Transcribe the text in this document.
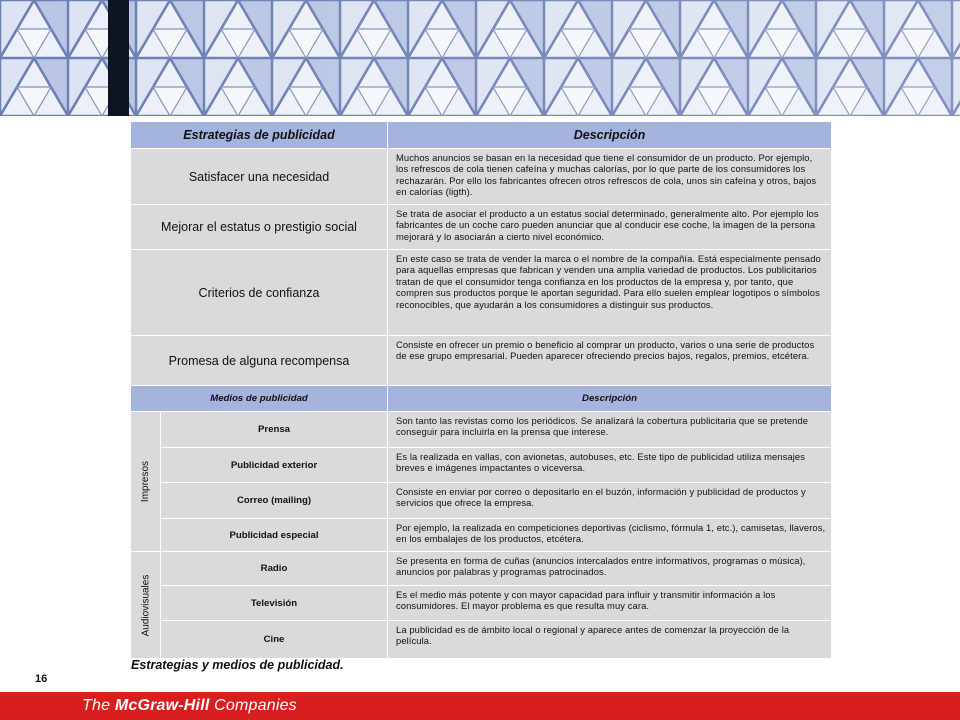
Estrategias de publicidad	Descripción
Satisfacer una necesidad
Muchos anuncios se basan en la necesidad que tiene el consumidor de un producto. Por ejemplo, los refrescos de cola tienen cafeína y muchas calorías, por lo que parte de los consumidores los rechazarán. Por ello los fabricantes ofrecen otros refrescos de cola, unos sin cafeína y otros, bajos en calorías (ligth).
Mejorar el estatus o prestigio social
Se trata de asociar el producto a un estatus social determinado, generalmente alto. Por ejemplo los fabricantes de un coche caro pueden anunciar que al conducir ese coche, la imagen de la persona mejorará y lo asociarán a cierto nivel económico.
Criterios de confianza
En este caso se trata de vender la marca o el nombre de la compañía. Está especialmente pensado para aquellas empresas que fabrican y venden una amplia variedad de productos. Los publicitarios tratan de que el consumidor tenga confianza en los productos de la empresa y, por tanto, que compren sus productos porque le aportan seguridad. Para ello suelen emplear logotipos o símbolos reconocibles, que ayudarán a los consumidores a distinguir sus productos.
Promesa de alguna recompensa
Consiste en ofrecer un premio o beneficio al comprar un producto, varios o una serie de productos de ese grupo empresarial. Pueden aparecer ofreciendo precios bajos, regalos, premios, etcétera.
Medios de publicidad	Descripción
Impresos
Audiovisuales
Prensa
Son tanto las revistas como los periódicos. Se analizará la cobertura publicitaria que se pretende conseguir para incluirla en la prensa que interese.
Publicidad exterior
Es la realizada en vallas, con avionetas, autobuses, etc. Este tipo de publicidad utiliza mensajes breves e imágenes impactantes o viceversa.
Correo (mailing)
Consiste en enviar por correo o depositarlo en el buzón, información y publicidad de productos y servicios que ofrece la empresa.
Publicidad especial
Por ejemplo, la realizada en competiciones deportivas (ciclismo, fórmula 1, etc.), camisetas, llaveros, en los embalajes de los productos, etcétera.
Radio
Se presenta en forma de cuñas (anuncios intercalados entre informativos, programas o música), anuncios por palabras y programas patrocinados.
Televisión
Es el medio más potente y con mayor capacidad para influir y transmitir información a los consumidores. El mayor problema es que resulta muy cara.
Cine
La publicidad es de ámbito local o regional y aparece antes de comenzar la proyección de la película.
Estrategias y medios de publicidad.
16
The McGraw-Hill Companies
